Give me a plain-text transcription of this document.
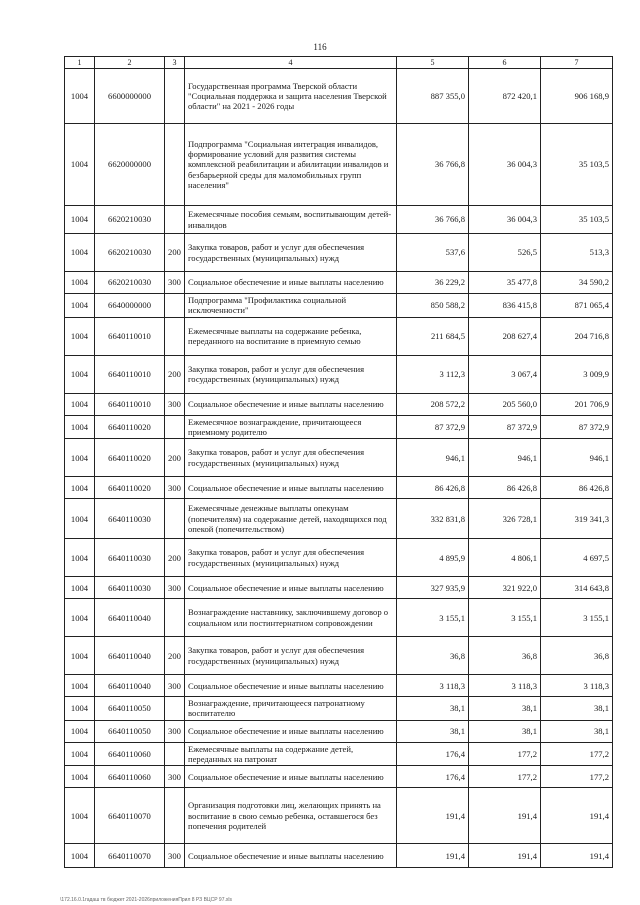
116
1	2	3	4	5	6	7
1004	6600000000		Государственная программа Тверской области "Социальная поддержка и защита населения Тверской области" на 2021 - 2026 годы	887 355,0	872 420,1	906 168,9
1004	6620000000		Подпрограмма "Социальная интеграция инвалидов, формирование условий для развития системы комплексной реабилитации и абилитации инвалидов и безбарьерной среды для маломобильных групп населения"	36 766,8	36 004,3	35 103,5
1004	6620210030		Ежемесячные пособия семьям, воспитывающим детей-инвалидов	36 766,8	36 004,3	35 103,5
1004	6620210030	200	Закупка товаров, работ и услуг для обеспечения государственных (муниципальных) нужд	537,6	526,5	513,3
1004	6620210030	300	Социальное обеспечение и иные выплаты населению	36 229,2	35 477,8	34 590,2
1004	6640000000		Подпрограмма "Профилактика социальной исключенности"	850 588,2	836 415,8	871 065,4
1004	6640110010		Ежемесячные выплаты на содержание ребенка, переданного на воспитание в приемную семью	211 684,5	208 627,4	204 716,8
1004	6640110010	200	Закупка товаров, работ и услуг для обеспечения государственных (муниципальных) нужд	3 112,3	3 067,4	3 009,9
1004	6640110010	300	Социальное обеспечение и иные выплаты населению	208 572,2	205 560,0	201 706,9
1004	6640110020		Ежемесячное вознаграждение, причитающееся приемному родителю	87 372,9	87 372,9	87 372,9
1004	6640110020	200	Закупка товаров, работ и услуг для обеспечения государственных (муниципальных) нужд	946,1	946,1	946,1
1004	6640110020	300	Социальное обеспечение и иные выплаты населению	86 426,8	86 426,8	86 426,8
1004	6640110030		Ежемесячные денежные выплаты опекунам (попечителям) на содержание детей, находящихся под опекой (попечительством)	332 831,8	326 728,1	319 341,3
1004	6640110030	200	Закупка товаров, работ и услуг для обеспечения государственных (муниципальных) нужд	4 895,9	4 806,1	4 697,5
1004	6640110030	300	Социальное обеспечение и иные выплаты населению	327 935,9	321 922,0	314 643,8
1004	6640110040		Вознаграждение наставнику, заключившему договор о социальном или постинтернатном сопровождении	3 155,1	3 155,1	3 155,1
1004	6640110040	200	Закупка товаров, работ и услуг для обеспечения государственных (муниципальных) нужд	36,8	36,8	36,8
1004	6640110040	300	Социальное обеспечение и иные выплаты населению	3 118,3	3 118,3	3 118,3
1004	6640110050		Вознаграждение, причитающееся патронатному воспитателю	38,1	38,1	38,1
1004	6640110050	300	Социальное обеспечение и иные выплаты населению	38,1	38,1	38,1
1004	6640110060		Ежемесячные выплаты на содержание детей, переданных на патронат	176,4	177,2	177,2
1004	6640110060	300	Социальное обеспечение и иные выплаты населению	176,4	177,2	177,2
1004	6640110070		Организация подготовки лиц, желающих принять на воспитание в свою семью ребенка, оставшегося без попечения родителей	191,4	191,4	191,4
1004	6640110070	300	Социальное обеспечение и иные выплаты населению	191,4	191,4	191,4
\172.16.0.1гадаш тв бюджет 2021-2026приложенияПрил 8 РЗ ВЦСР 97.xls
